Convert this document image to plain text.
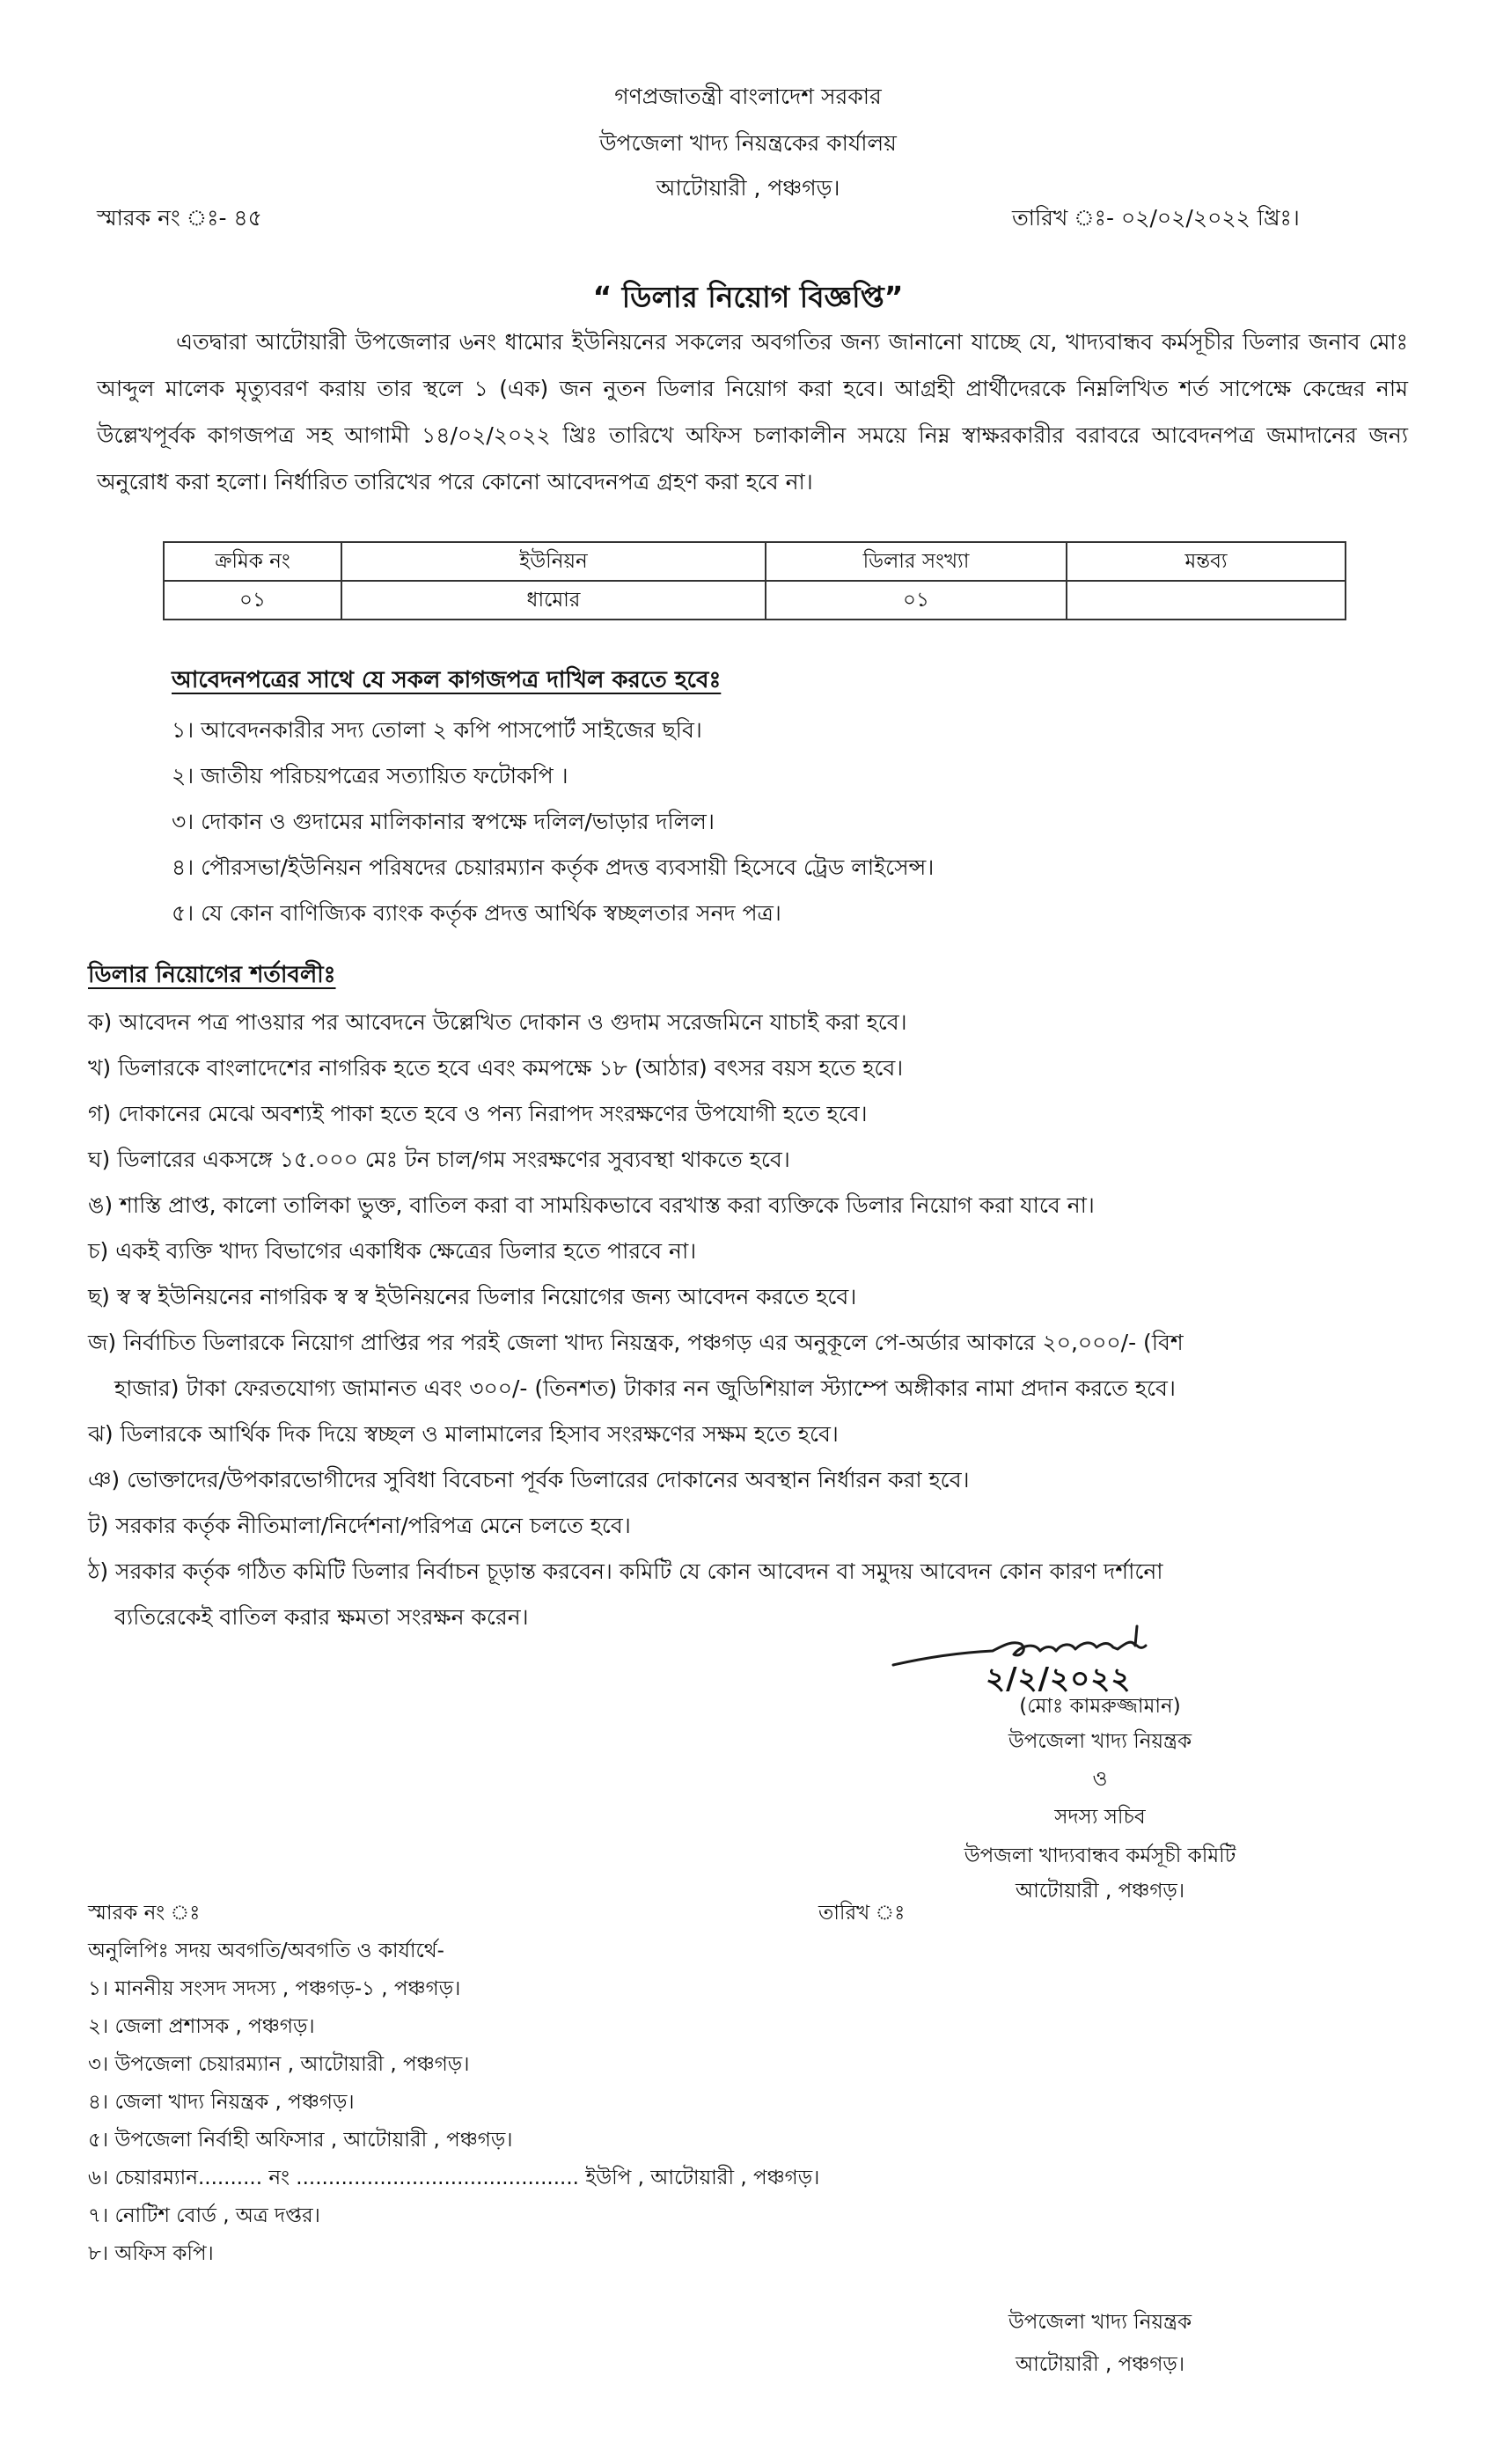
গণপ্রজাতন্ত্রী বাংলাদেশ সরকার
উপজেলা খাদ্য নিয়ন্ত্রকের কার্যালয়
আটোয়ারী , পঞ্চগড়।
স্মারক নং ঃ- ৪৫	তারিখ ঃ- ০২/০২/২০২২ খ্রিঃ।
“ ডিলার নিয়োগ বিজ্ঞপ্তি”
এতদ্বারা আটোয়ারী উপজেলার ৬নং ধামোর ইউনিয়নের সকলের অবগতির জন্য জানানো যাচ্ছে যে, খাদ্যবান্ধব কর্মসূচীর ডিলার জনাব মোঃ আব্দুল মালেক মৃত্যুবরণ করায় তার স্থলে ১ (এক) জন নুতন ডিলার নিয়োগ করা হবে। আগ্রহী প্রার্থীদেরকে নিম্নলিখিত শর্ত সাপেক্ষে কেন্দ্রের নাম উল্লেখপূর্বক কাগজপত্র সহ আগামী ১৪/০২/২০২২ খ্রিঃ তারিখে অফিস চলাকালীন সময়ে নিম্ন স্বাক্ষরকারীর বরাবরে আবেদনপত্র জমাদানের জন্য অনুরোধ করা হলো। নির্ধারিত তারিখের পরে কোনো আবেদনপত্র গ্রহণ করা হবে না।
ক্রমিক নং	ইউনিয়ন	ডিলার সংখ্যা	মন্তব্য
০১	ধামোর	০১	
আবেদনপত্রের সাথে যে সকল কাগজপত্র দাখিল করতে হবেঃ
১। আবেদনকারীর সদ্য তোলা ২ কপি পাসপোর্ট সাইজের ছবি।
২। জাতীয় পরিচয়পত্রের সত্যায়িত ফটোকপি ।
৩। দোকান ও গুদামের মালিকানার স্বপক্ষে দলিল/ভাড়ার দলিল।
৪। পৌরসভা/ইউনিয়ন পরিষদের চেয়ারম্যান কর্তৃক প্রদত্ত ব্যবসায়ী হিসেবে ট্রেড লাইসেন্স।
৫। যে কোন বাণিজ্যিক ব্যাংক কর্তৃক প্রদত্ত আর্থিক স্বচ্ছলতার সনদ পত্র।
ডিলার নিয়োগের শর্তাবলীঃ
ক) আবেদন পত্র পাওয়ার পর আবেদনে উল্লেখিত দোকান ও গুদাম সরেজমিনে যাচাই করা হবে।
খ) ডিলারকে বাংলাদেশের নাগরিক হতে হবে এবং কমপক্ষে ১৮ (আঠার) বৎসর বয়স হতে হবে।
গ) দোকানের মেঝে অবশ্যই পাকা হতে হবে ও পন্য নিরাপদ সংরক্ষণের উপযোগী হতে হবে।
ঘ) ডিলারের একসঙ্গে ১৫.০০০ মেঃ টন চাল/গম সংরক্ষণের সুব্যবস্থা থাকতে হবে।
ঙ) শাস্তি প্রাপ্ত, কালো তালিকা ভুক্ত, বাতিল করা বা সাময়িকভাবে বরখাস্ত করা ব্যক্তিকে ডিলার নিয়োগ করা যাবে না।
চ) একই ব্যক্তি খাদ্য বিভাগের একাধিক ক্ষেত্রের ডিলার হতে পারবে না।
ছ) স্ব স্ব ইউনিয়নের নাগরিক স্ব স্ব ইউনিয়নের ডিলার নিয়োগের জন্য আবেদন করতে হবে।
জ) নির্বাচিত ডিলারকে নিয়োগ প্রাপ্তির পর পরই জেলা খাদ্য নিয়ন্ত্রক, পঞ্চগড় এর অনুকূলে পে-অর্ডার আকারে ২০,০০০/- (বিশ
হাজার) টাকা ফেরতযোগ্য জামানত এবং ৩০০/- (তিনশত) টাকার নন জুডিশিয়াল স্ট্যাম্পে অঙ্গীকার নামা প্রদান করতে হবে।
ঝ) ডিলারকে আর্থিক দিক দিয়ে স্বচ্ছল ও মালামালের হিসাব সংরক্ষণের সক্ষম হতে হবে।
ঞ) ভোক্তাদের/উপকারভোগীদের সুবিধা বিবেচনা পূর্বক ডিলারের দোকানের অবস্থান নির্ধারন করা হবে।
ট) সরকার কর্তৃক নীতিমালা/নির্দেশনা/পরিপত্র মেনে চলতে হবে।
ঠ) সরকার কর্তৃক গঠিত কমিটি ডিলার নির্বাচন চূড়ান্ত করবেন। কমিটি যে কোন আবেদন বা সমুদয় আবেদন কোন কারণ দর্শানো
ব্যতিরেকেই বাতিল করার ক্ষমতা সংরক্ষন করেন।
২/২/২০২২
(মোঃ কামরুজ্জামান)
উপজেলা খাদ্য নিয়ন্ত্রক
ও
সদস্য সচিব
উপজলা খাদ্যবান্ধব কর্মসূচী কমিটি
আটোয়ারী , পঞ্চগড়।
স্মারক নং ঃ	তারিখ ঃ
অনুলিপিঃ সদয় অবগতি/অবগতি ও কার্যার্থে-
১। মাননীয় সংসদ সদস্য , পঞ্চগড়-১ , পঞ্চগড়।
২। জেলা প্রশাসক , পঞ্চগড়।
৩। উপজেলা চেয়ারম্যান , আটোয়ারী , পঞ্চগড়।
৪। জেলা খাদ্য নিয়ন্ত্রক , পঞ্চগড়।
৫। উপজেলা নির্বাহী অফিসার , আটোয়ারী , পঞ্চগড়।
৬। চেয়ারম্যান.......... নং ............................................ ইউপি , আটোয়ারী , পঞ্চগড়।
৭। নোটিশ বোর্ড , অত্র দপ্তর।
৮। অফিস কপি।
উপজেলা খাদ্য নিয়ন্ত্রক
আটোয়ারী , পঞ্চগড়।
